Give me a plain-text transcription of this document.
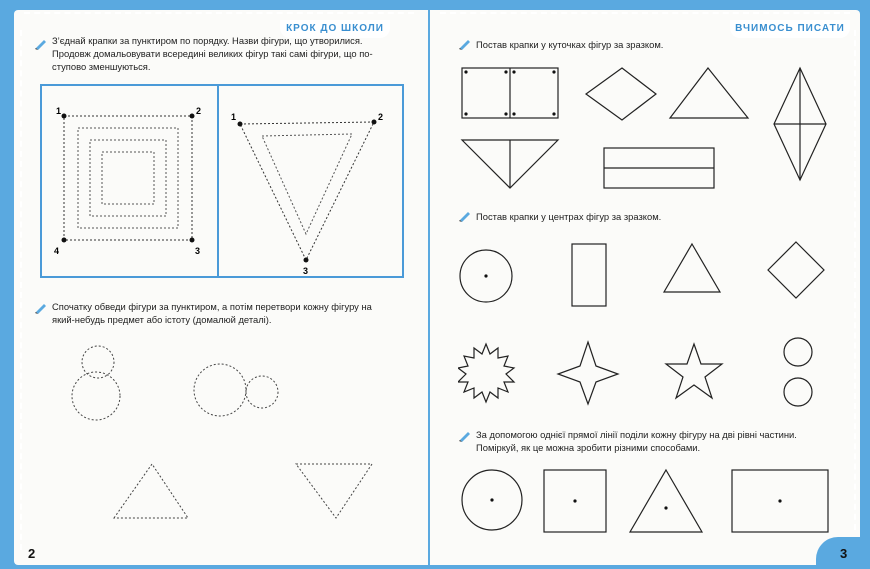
КРОК ДО ШКОЛИ
З’єднай крапки за пунктиром по порядку. Назви фігури, що утворилися.
Продовж домальовувати всередині великих фігур такі самі фігури, що по-
ступово зменшуються.
1	2
3
4
1	2
3
Спочатку обведи фігури за пунктиром, а потім перетвори кожну фігуру на
який-небудь предмет або істоту (домалюй деталі).
2
ВЧИМОСЬ ПИСАТИ
Постав крапки у куточках фігур за зразком.
Постав крапки у центрах фігур за зразком.
За допомогою однієї прямої лінії поділи кожну фігуру на дві рівні частини.
Поміркуй, як це можна зробити різними способами.
3
